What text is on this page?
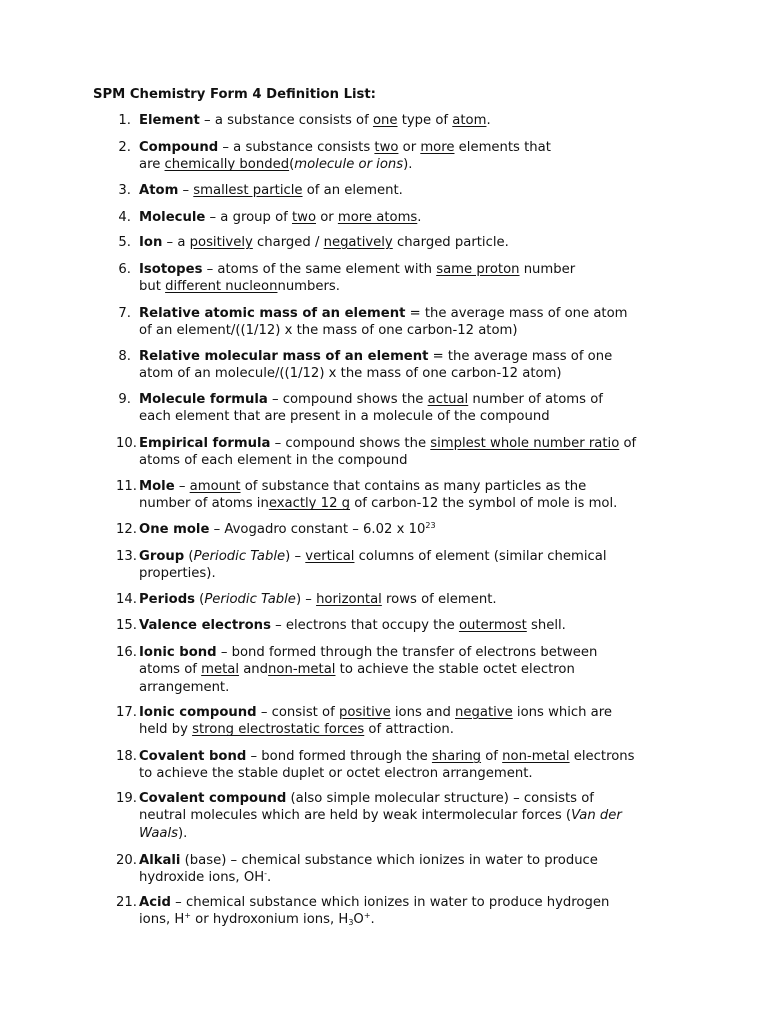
SPM Chemistry Form 4 Definition List:
1. Element – a substance consists of one type of atom.
2. Compound – a substance consists two or more elements that
are chemically bonded(molecule or ions).
3. Atom – smallest particle of an element.
4. Molecule – a group of two or more atoms.
5. Ion – a positively charged / negatively charged particle.
6. Isotopes – atoms of the same element with same proton number
but different nucleonnumbers.
7. Relative atomic mass of an element = the average mass of one atom
of an element/((1/12) x the mass of one carbon-12 atom)
8. Relative molecular mass of an element = the average mass of one
atom of an molecule/((1/12) x the mass of one carbon-12 atom)
9. Molecule formula – compound shows the actual number of atoms of
each element that are present in a molecule of the compound
10. Empirical formula – compound shows the simplest whole number ratio of
atoms of each element in the compound
11. Mole – amount of substance that contains as many particles as the
number of atoms inexactly 12 g of carbon-12 the symbol of mole is mol.
12. One mole – Avogadro constant – 6.02 x $10^{23}$
13. Group (Periodic Table) – vertical columns of element (similar chemical
properties).
14. Periods (Periodic Table) – horizontal rows of element.
15. Valence electrons – electrons that occupy the outermost shell.
16. Ionic bond – bond formed through the transfer of electrons between
atoms of metal andnon-metal to achieve the stable octet electron
arrangement.
17. Ionic compound – consist of positive ions and negative ions which are
held by strong electrostatic forces of attraction.
18. Covalent bond – bond formed through the sharing of non-metal electrons
to achieve the stable duplet or octet electron arrangement.
19. Covalent compound (also simple molecular structure) – consists of
neutral molecules which are held by weak intermolecular forces (Van der
Waals).
20. Alkali (base) – chemical substance which ionizes in water to produce
hydroxide ions, OH-.
21. Acid – chemical substance which ionizes in water to produce hydrogen
ions, H+ or hydroxonium ions, $H_3O^+$.
